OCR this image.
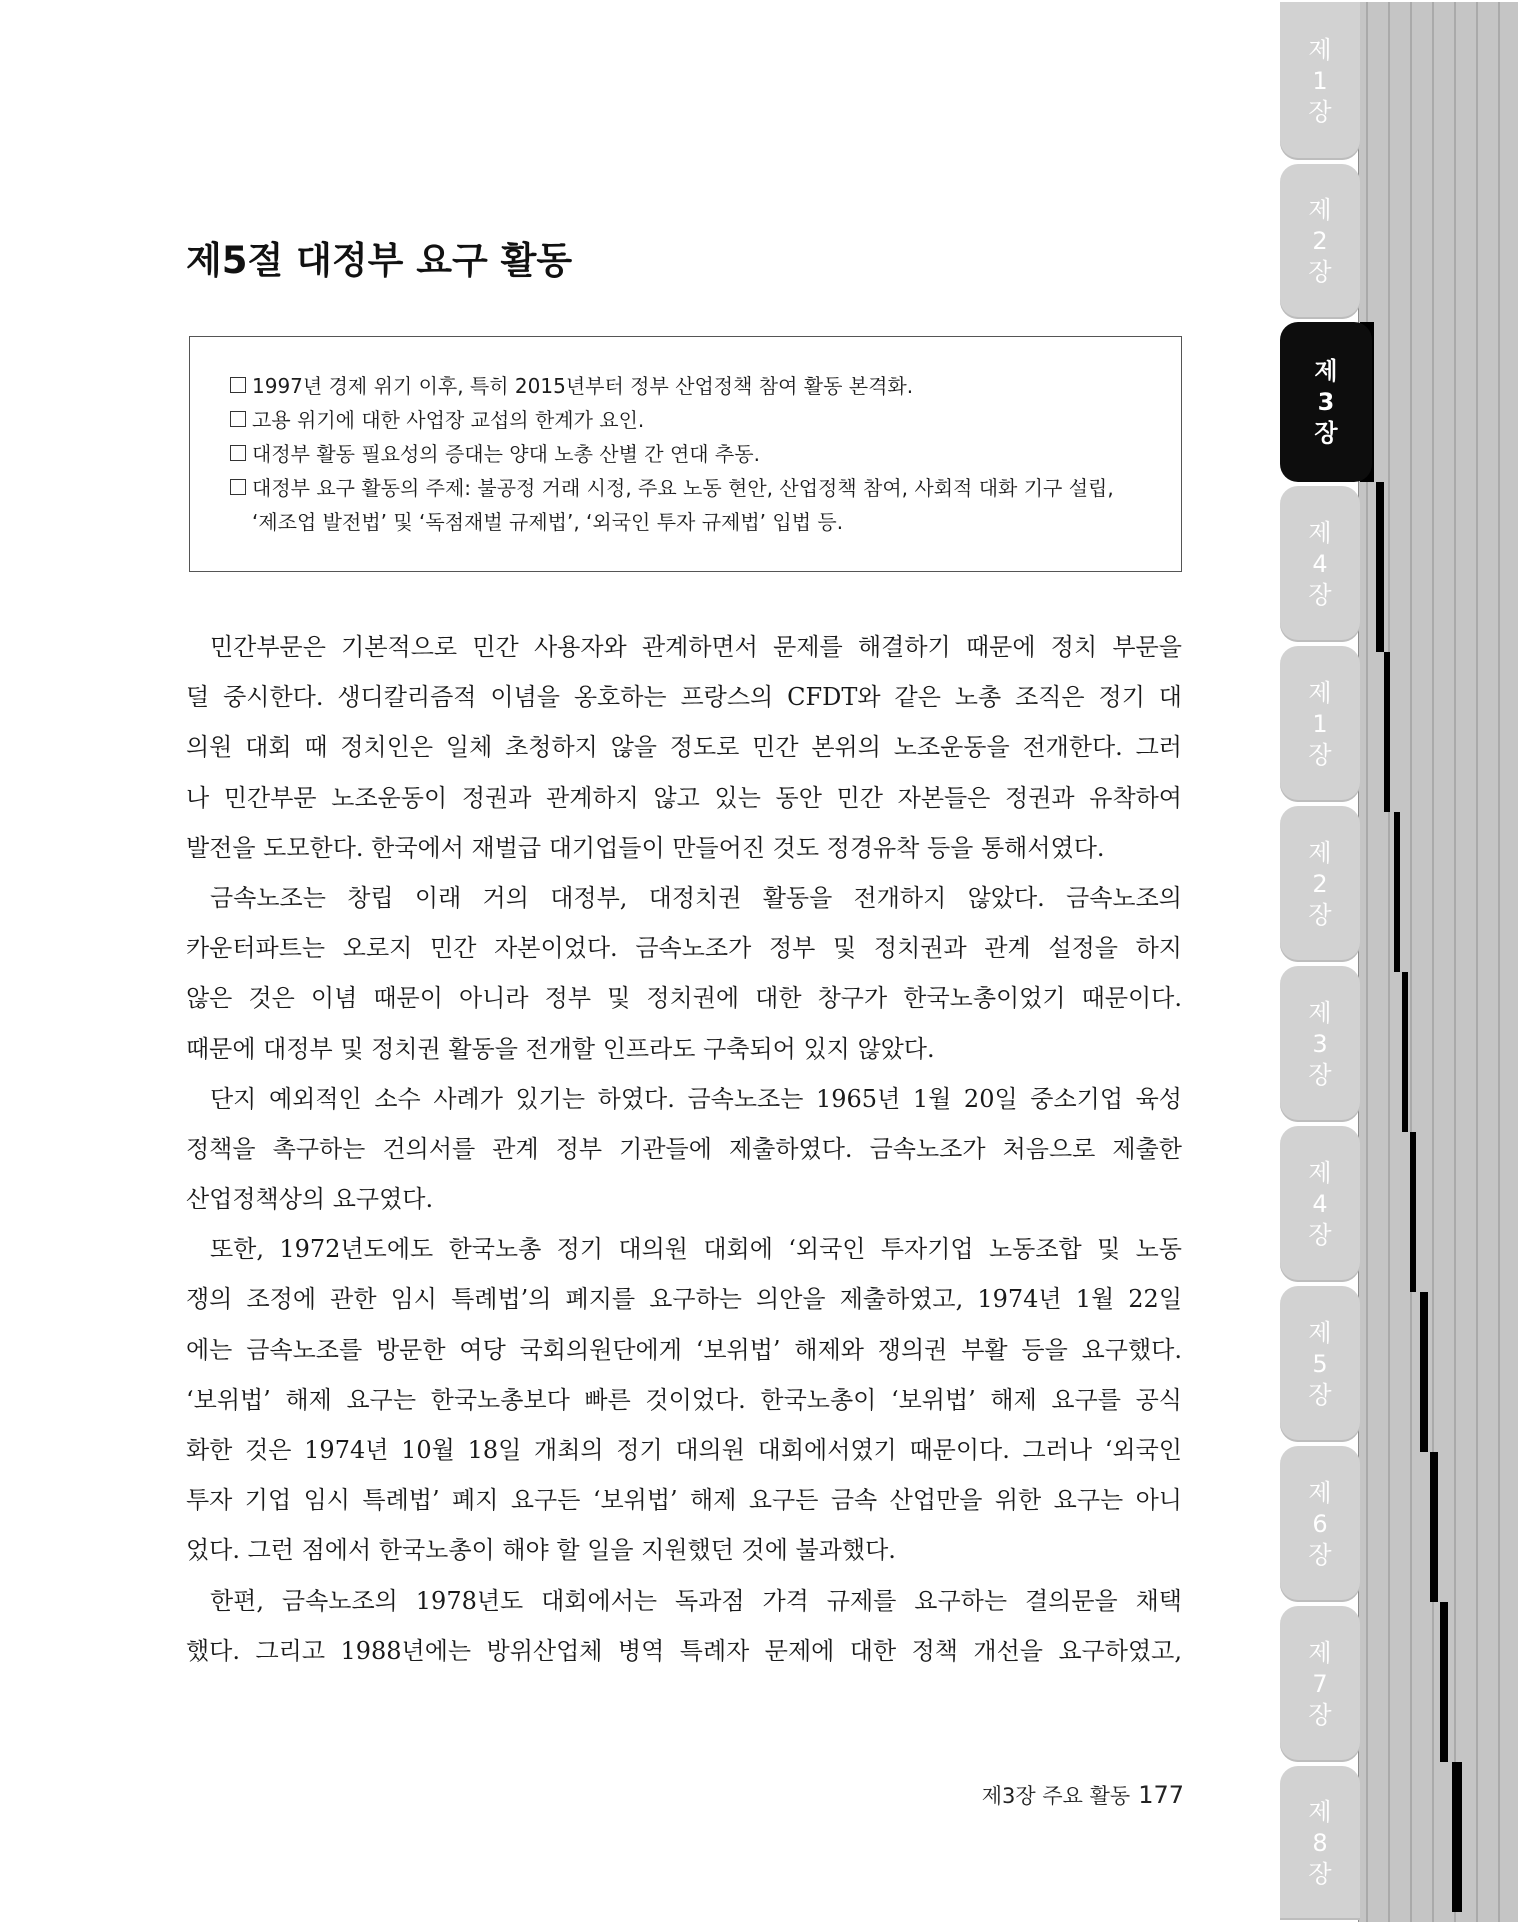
제5절 대정부 요구 활동
1997년 경제 위기 이후, 특히 2015년부터 정부 산업정책 참여 활동 본격화.
고용 위기에 대한 사업장 교섭의 한계가 요인.
대정부 활동 필요성의 증대는 양대 노총 산별 간 연대 추동.
대정부 요구 활동의 주제: 불공정 거래 시정, 주요 노동 현안, 산업정책 참여, 사회적 대화 기구 설립,
‘제조업 발전법’ 및 ‘독점재벌 규제법’, ‘외국인 투자 규제법’ 입법 등.
민간부문은 기본적으로 민간 사용자와 관계하면서 문제를 해결하기 때문에 정치 부문을
덜 중시한다. 생디칼리즘적 이념을 옹호하는 프랑스의 CFDT와 같은 노총 조직은 정기 대
의원 대회 때 정치인은 일체 초청하지 않을 정도로 민간 본위의 노조운동을 전개한다. 그러
나 민간부문 노조운동이 정권과 관계하지 않고 있는 동안 민간 자본들은 정권과 유착하여
발전을 도모한다. 한국에서 재벌급 대기업들이 만들어진 것도 정경유착 등을 통해서였다.
금속노조는 창립 이래 거의 대정부, 대정치권 활동을 전개하지 않았다. 금속노조의
카운터파트는 오로지 민간 자본이었다. 금속노조가 정부 및 정치권과 관계 설정을 하지
않은 것은 이념 때문이 아니라 정부 및 정치권에 대한 창구가 한국노총이었기 때문이다.
때문에 대정부 및 정치권 활동을 전개할 인프라도 구축되어 있지 않았다.
단지 예외적인 소수 사례가 있기는 하였다. 금속노조는 1965년 1월 20일 중소기업 육성
정책을 촉구하는 건의서를 관계 정부 기관들에 제출하였다. 금속노조가 처음으로 제출한
산업정책상의 요구였다.
또한, 1972년도에도 한국노총 정기 대의원 대회에 ‘외국인 투자기업 노동조합 및 노동
쟁의 조정에 관한 임시 특례법’의 폐지를 요구하는 의안을 제출하였고, 1974년 1월 22일
에는 금속노조를 방문한 여당 국회의원단에게 ‘보위법’ 해제와 쟁의권 부활 등을 요구했다.
‘보위법’ 해제 요구는 한국노총보다 빠른 것이었다. 한국노총이 ‘보위법’ 해제 요구를 공식
화한 것은 1974년 10월 18일 개최의 정기 대의원 대회에서였기 때문이다. 그러나 ‘외국인
투자 기업 임시 특례법’ 폐지 요구든 ‘보위법’ 해제 요구든 금속 산업만을 위한 요구는 아니
었다. 그런 점에서 한국노총이 해야 할 일을 지원했던 것에 불과했다.
한편, 금속노조의 1978년도 대회에서는 독과점 가격 규제를 요구하는 결의문을 채택
했다. 그리고 1988년에는 방위산업체 병역 특례자 문제에 대한 정책 개선을 요구하였고,
제3장 주요 활동 177
제
1
장
제
2
장
제
3
장
제
4
장
제
1
장
제
2
장
제
3
장
제
4
장
제
5
장
제
6
장
제
7
장
제
8
장
